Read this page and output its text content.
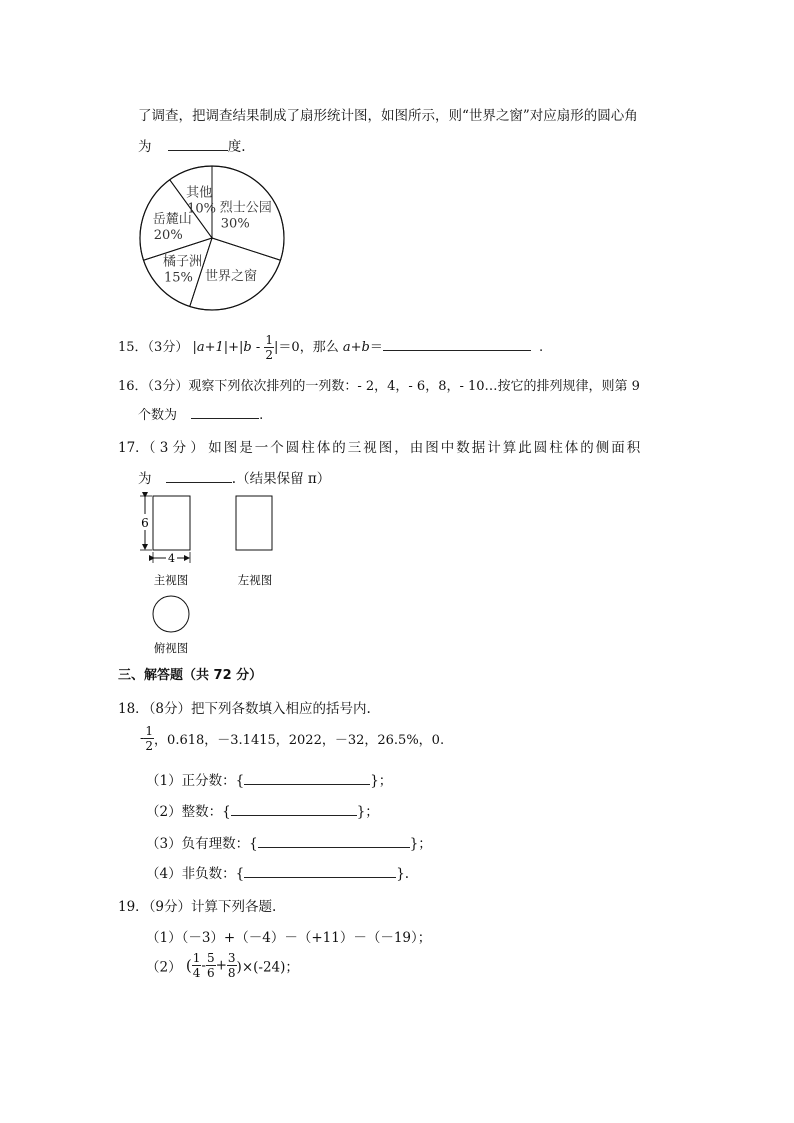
了调查，把调查结果制成了扇形统计图，如图所示，则“世界之窗”对应扇形的圆心角
为	度.
烈士公园
30%
世界之窗
橘子洲
15%
岳麓山
20%
其他
10%
15．（3分） $|a+1|+|b - \frac{1}{2} |=0$，那么 a+b＝	.
16．（3分）观察下列依次排列的一列数：- 2，4，- 6，8，- 10…按它的排列规律，则第 9
个数为	.
17．（ 3 分 ） 如图是一个圆柱体的三视图，由图中数据计算此圆柱体的侧面积
为	.（结果保留 π）
6
4
主视图	左视图
俯视图
三、解答题（共 72 分）
18．（8分）把下列各数填入相应的括号内.
- $\frac{1}{2}$ ，0.618，－3.1415，2022，－32，26.5%，0.
（1）正分数：{	}；
（2）整数：{	}；
（3）负有理数：{	}；
（4）非负数：{	}.
19．（9分）计算下列各题.
（1）（－3）+（－4）－（+11）－（－19）；
（2） ( $\frac{1}{4} - \frac{5}{6} + \frac{3}{8} )\times(-24)$；
